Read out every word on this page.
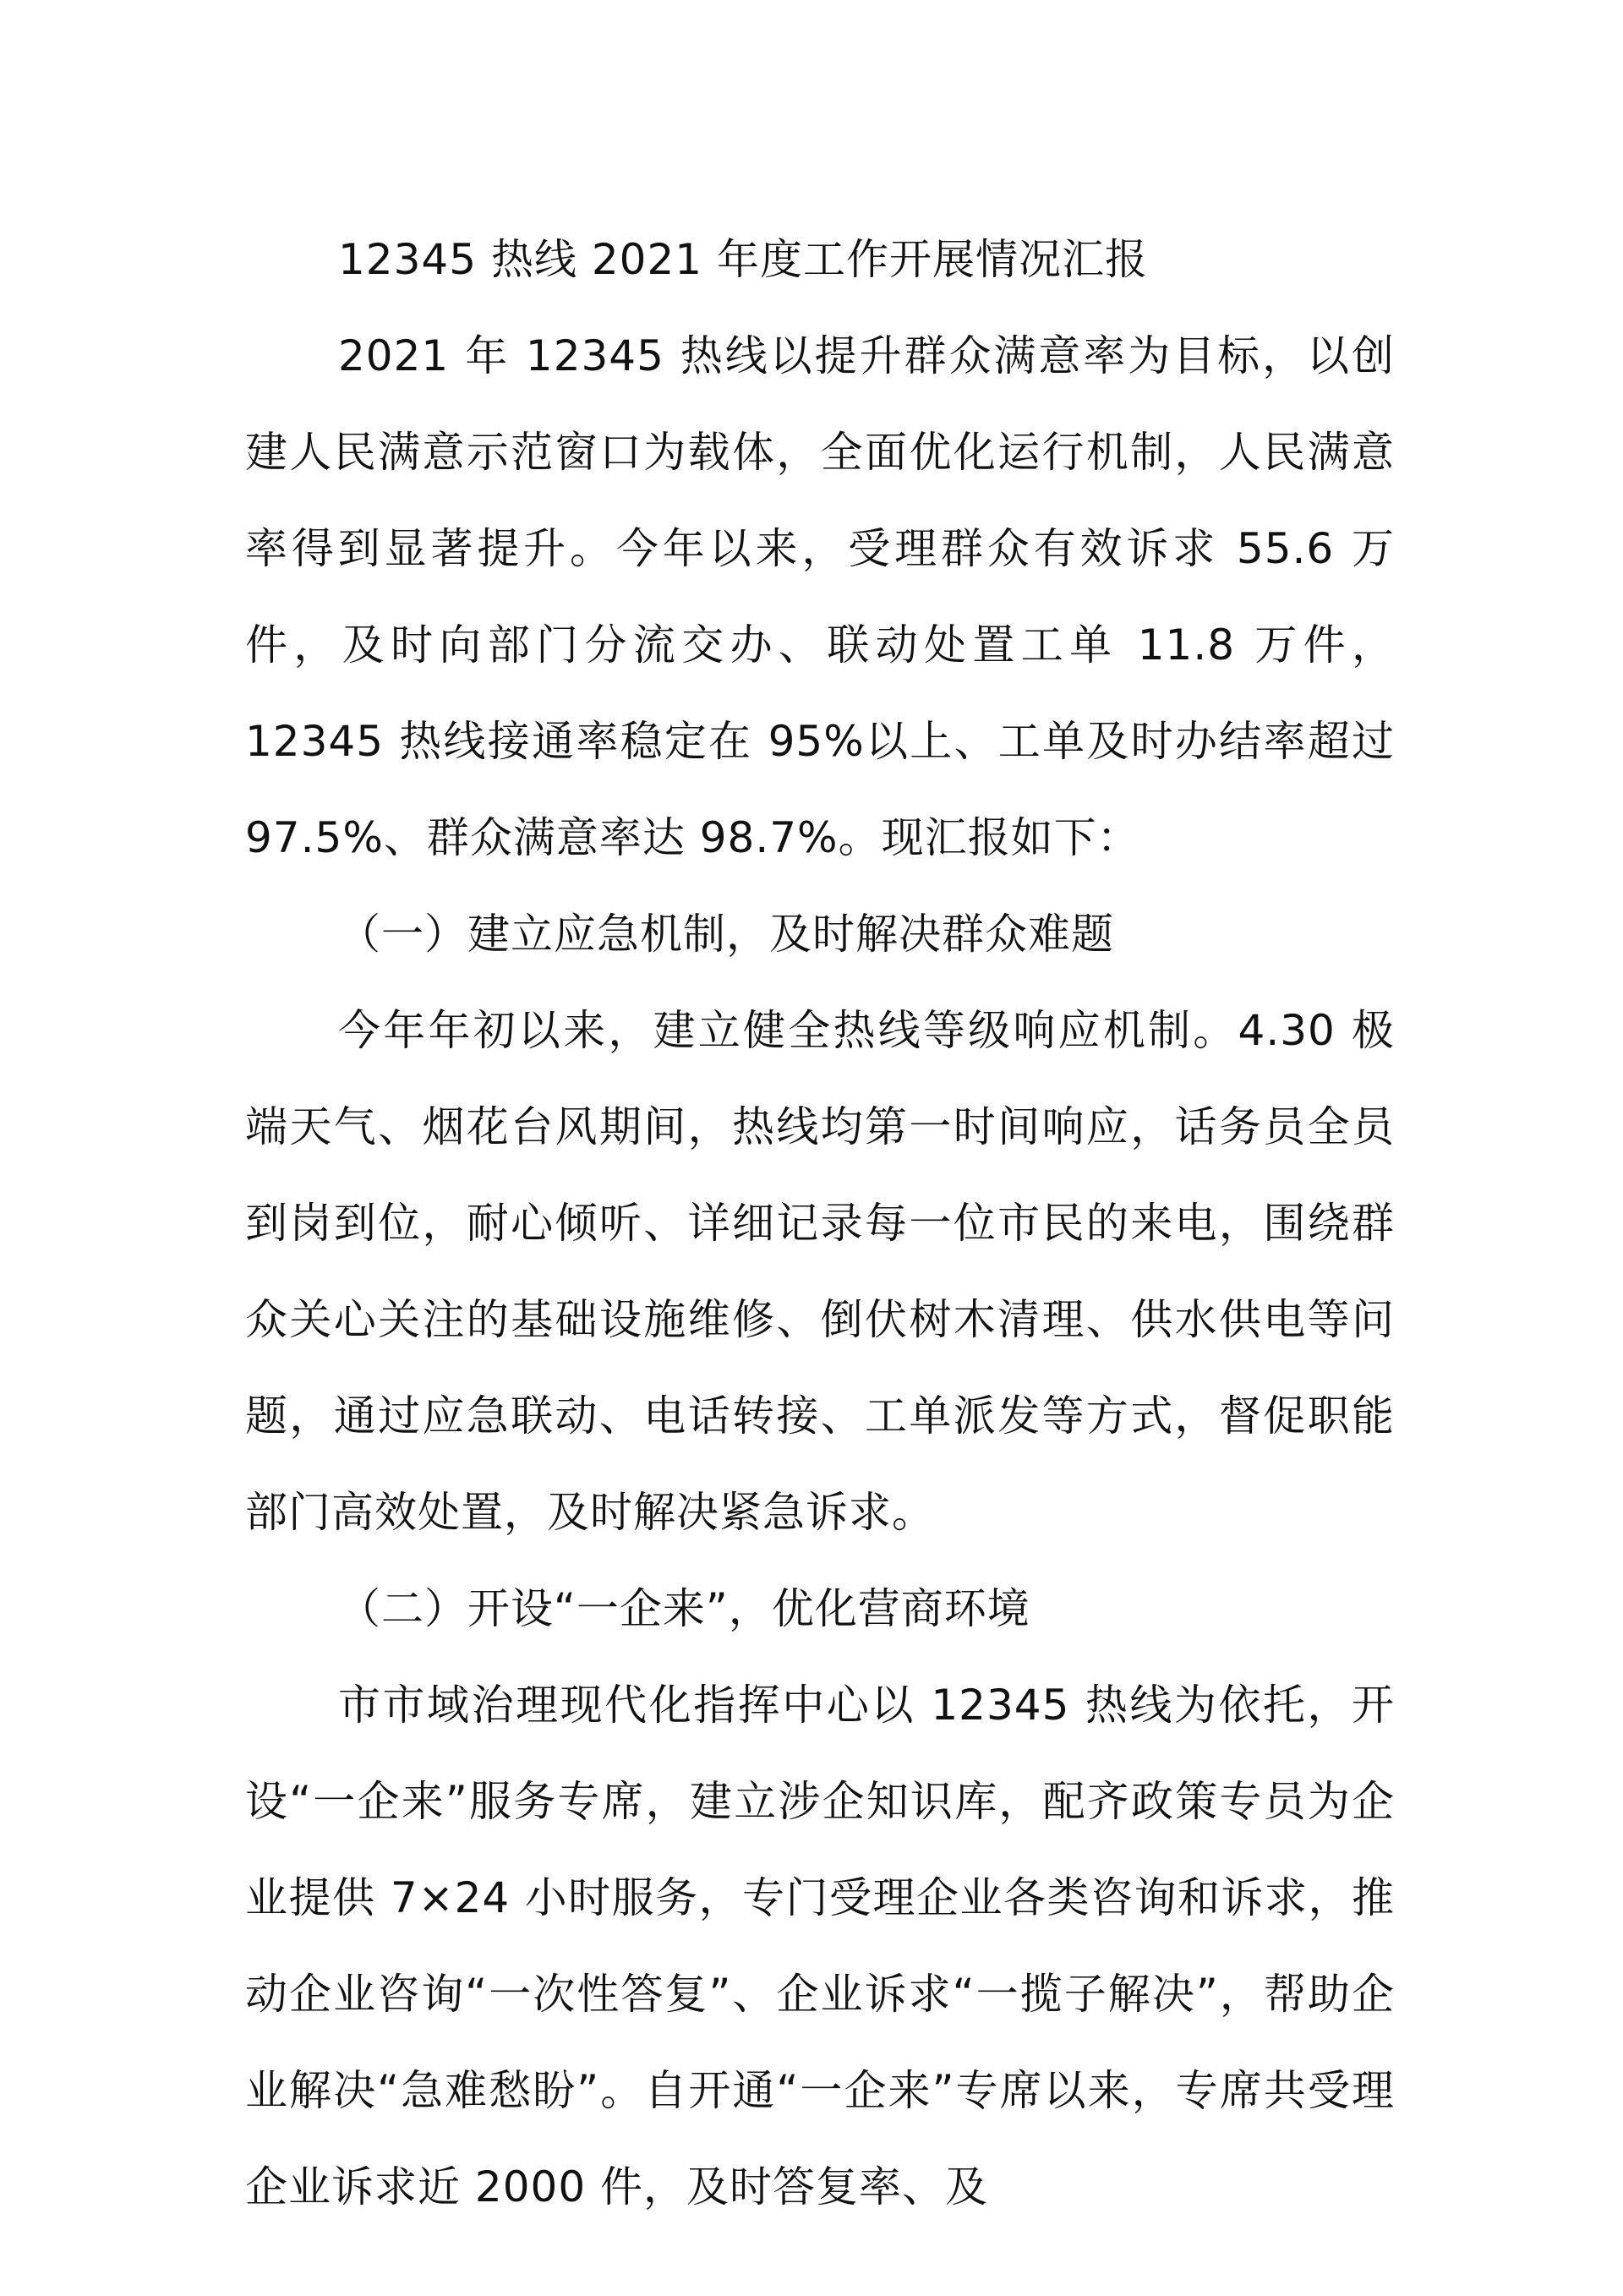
12345 热线 2021 年度工作开展情况汇报

2021 年 12345 热线以提升群众满意率为目标，以创建人民满意示范窗口为载体，全面优化运行机制，人民满意率得到显著提升。今年以来，受理群众有效诉求 55.6 万件，及时向部门分流交办、联动处置工单 11.8 万件，12345 热线接通率稳定在 95%以上、工单及时办结率超过 97.5%、群众满意率达 98.7%。现汇报如下：

（一）建立应急机制，及时解决群众难题

今年年初以来，建立健全热线等级响应机制。4.30 极端天气、烟花台风期间，热线均第一时间响应，话务员全员到岗到位，耐心倾听、详细记录每一位市民的来电，围绕群众关心关注的基础设施维修、倒伏树木清理、供水供电等问题，通过应急联动、电话转接、工单派发等方式，督促职能部门高效处置，及时解决紧急诉求。

（二）开设“一企来”，优化营商环境

市市域治理现代化指挥中心以 12345 热线为依托，开设“一企来”服务专席，建立涉企知识库，配齐政策专员为企业提供 7×24 小时服务，专门受理企业各类咨询和诉求，推动企业咨询“一次性答复”、企业诉求“一揽子解决”，帮助企业解决“急难愁盼”。自开通“一企来”专席以来，专席共受理企业诉求近 2000 件，及时答复率、及
